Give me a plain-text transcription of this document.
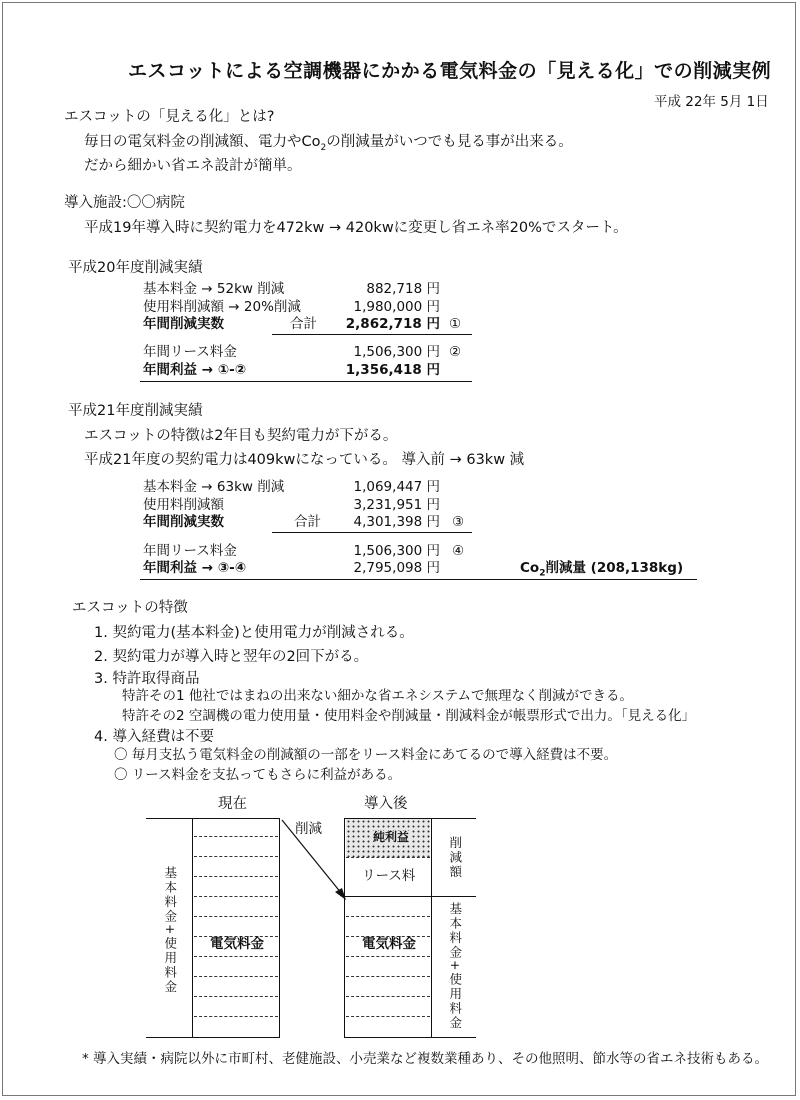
エスコットによる空調機器にかかる電気料金の「見える化」での削減実例
平成 22年 5月 1日
エスコットの「見える化」とは?
毎日の電気料金の削減額、電力や$Co_2$の削減量がいつでも見る事が出来る。
だから細かい省エネ設計が簡単。
導入施設:〇〇病院
平成19年導入時に契約電力を472kw → 420kwに変更し省エネ率20%でスタート。
平成20年度削減実績
基本料金 → 52kw 削減	882,718 円
使用料削減額 → 20%削減	1,980,000 円
年間削減実数	合計	2,862,718 円 ①
年間リース料金	1,506,300 円 ②
年間利益 → ①-②	1,356,418 円
平成21年度削減実績
エスコットの特徴は2年目も契約電力が下がる。
平成21年度の契約電力は409kwになっている。 導入前 → 63kw 減
基本料金 → 63kw 削減	1,069,447 円
使用料削減額	3,231,951 円
年間削減実数	合計	4,301,398 円 ③
年間リース料金	1,506,300 円 ④
年間利益 → ③-④	2,795,098 円	$Co_2$削減量 (208,138kg)
エスコットの特徴
1. 契約電力(基本料金)と使用電力が削減される。
2. 契約電力が導入時と翌年の2回下がる。
3. 特許取得商品
特許その1 他社ではまねの出来ない細かな省エネシステムで無理なく削減ができる。
特許その2 空調機の電力使用量・使用料金や削減量・削減料金が帳票形式で出力。「見える化」
4. 導入経費は不要
〇 毎月支払う電気料金の削減額の一部をリース料金にあてるので導入経費は不要。
〇 リース料金を支払ってもさらに利益がある。
現在	導入後
電気料金
基本料金+使用料金
削減	純利益
リース料
電気料金
削減額
基本料金+使用料金
* 導入実績・病院以外に市町村、老健施設、小売業など複数業種あり、その他照明、節水等の省エネ技術もある。
